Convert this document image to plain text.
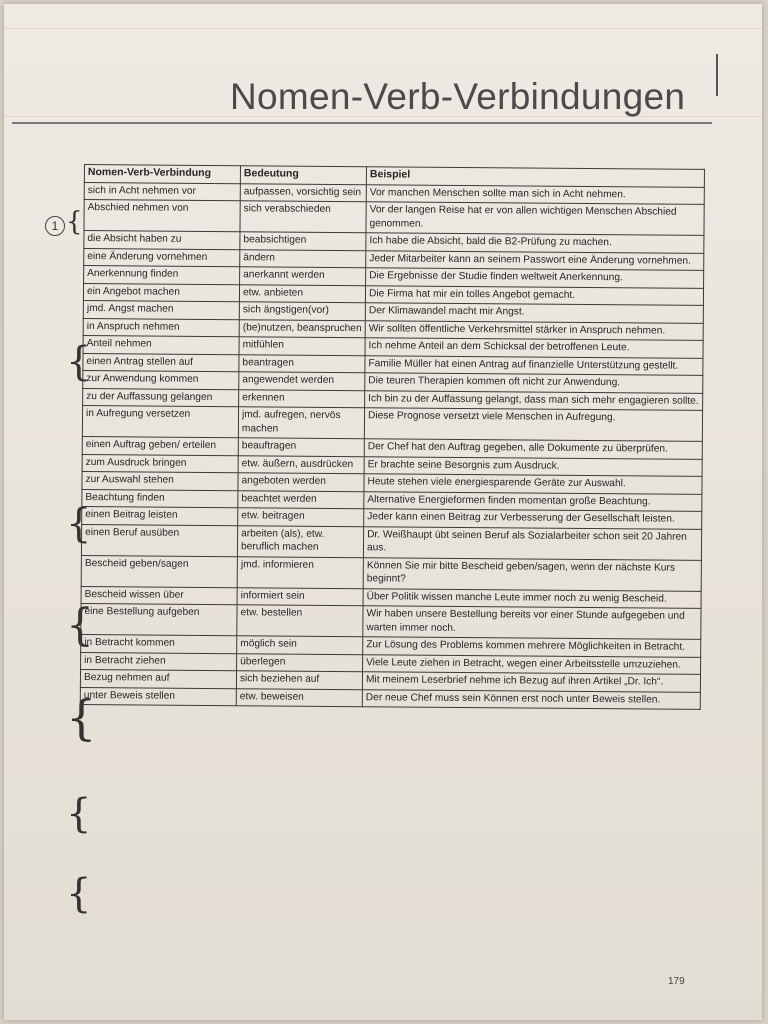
Nomen-Verb-Verbindungen
1 {
{
{
{
{
{
{
Nomen-Verb-Verbindung	Bedeutung	Beispiel
sich in Acht nehmen vor	aufpassen, vorsichtig sein	Vor manchen Menschen sollte man sich in Acht nehmen.
Abschied nehmen von	sich verabschieden	Vor der langen Reise hat er von allen wichtigen Menschen Abschied genommen.
die Absicht haben zu	beabsichtigen	Ich habe die Absicht, bald die B2-Prüfung zu machen.
eine Änderung vornehmen	ändern	Jeder Mitarbeiter kann an seinem Passwort eine Änderung vornehmen.
Anerkennung finden	anerkannt werden	Die Ergebnisse der Studie finden weltweit Anerkennung.
ein Angebot machen	etw. anbieten	Die Firma hat mir ein tolles Angebot gemacht.
jmd. Angst machen	sich ängstigen(vor)	Der Klimawandel macht mir Angst.
in Anspruch nehmen	(be)nutzen, beanspruchen	Wir sollten öffentliche Verkehrsmittel stärker in Anspruch nehmen.
Anteil nehmen	mitfühlen	Ich nehme Anteil an dem Schicksal der betroffenen Leute.
einen Antrag stellen auf	beantragen	Familie Müller hat einen Antrag auf finanzielle Unterstützung gestellt.
zur Anwendung kommen	angewendet werden	Die teuren Therapien kommen oft nicht zur Anwendung.
zu der Auffassung gelangen	erkennen	Ich bin zu der Auffassung gelangt, dass man sich mehr engagieren sollte.
in Aufregung versetzen	jmd. aufregen, nervös machen	Diese Prognose versetzt viele Menschen in Aufregung.
einen Auftrag geben/ erteilen	beauftragen	Der Chef hat den Auftrag gegeben, alle Dokumente zu überprüfen.
zum Ausdruck bringen	etw. äußern, ausdrücken	Er brachte seine Besorgnis zum Ausdruck.
zur Auswahl stehen	angeboten werden	Heute stehen viele energiesparende Geräte zur Auswahl.
Beachtung finden	beachtet werden	Alternative Energieformen finden momentan große Beachtung.
einen Beitrag leisten	etw. beitragen	Jeder kann einen Beitrag zur Verbesserung der Gesellschaft leisten.
einen Beruf ausüben	arbeiten (als), etw. beruflich machen	Dr. Weißhaupt übt seinen Beruf als Sozialarbeiter schon seit 20 Jahren aus.
Bescheid geben/sagen	jmd. informieren	Können Sie mir bitte Bescheid geben/sagen, wenn der nächste Kurs beginnt?
Bescheid wissen über	informiert sein	Über Politik wissen manche Leute immer noch zu wenig Bescheid.
eine Bestellung aufgeben	etw. bestellen	Wir haben unsere Bestellung bereits vor einer Stunde aufgegeben und warten immer noch.
in Betracht kommen	möglich sein	Zur Lösung des Problems kommen mehrere Möglichkeiten in Betracht.
in Betracht ziehen	überlegen	Viele Leute ziehen in Betracht, wegen einer Arbeitsstelle umzuziehen.
Bezug nehmen auf	sich beziehen auf	Mit meinem Leserbrief nehme ich Bezug auf ihren Artikel „Dr. Ich“.
unter Beweis stellen	etw. beweisen	Der neue Chef muss sein Können erst noch unter Beweis stellen.
179
